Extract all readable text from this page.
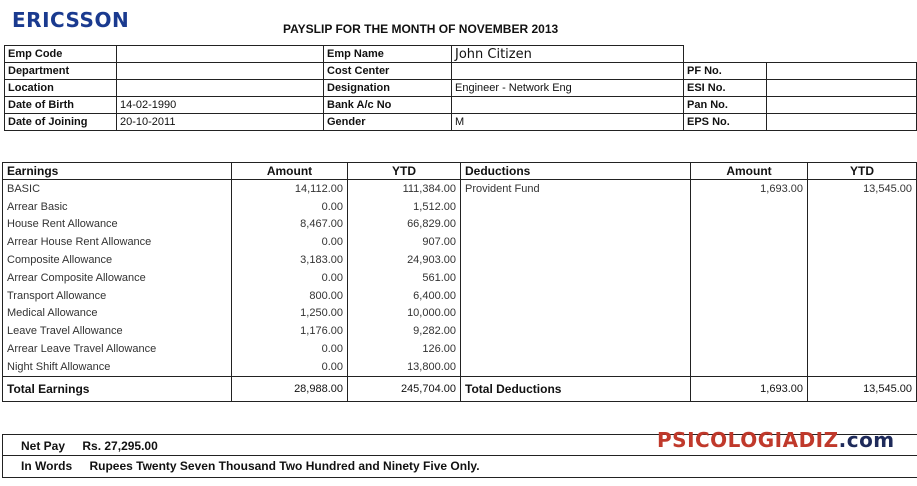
ERICSSON	PAYSLIP FOR THE MONTH OF NOVEMBER 2013
Emp Code		Emp Name	John Citizen		
Department		Cost Center		PF No.	
Location		Designation	Engineer - Network Eng	ESI No.	
Date of Birth	14-02-1990	Bank A/c No		Pan No.	
Date of Joining	20-10-2011	Gender	M	EPS No.	
Earnings	Amount	YTD	Deductions	Amount	YTD
BASIC	14,112.00	111,384.00	Provident Fund	1,693.00	13,545.00
Arrear Basic	0.00	1,512.00			
House Rent Allowance	8,467.00	66,829.00			
Arrear House Rent Allowance	0.00	907.00			
Composite Allowance	3,183.00	24,903.00			
Arrear Composite Allowance	0.00	561.00			
Transport Allowance	800.00	6,400.00			
Medical Allowance	1,250.00	10,000.00			
Leave Travel Allowance	1,176.00	9,282.00			
Arrear Leave Travel Allowance	0.00	126.00			
Night Shift Allowance	0.00	13,800.00			
Total Earnings	28,988.00	245,704.00	Total Deductions	1,693.00	13,545.00
Net Pay Rs. 27,295.00
In Words Rupees Twenty Seven Thousand Two Hundred and Ninety Five Only.
PSICOLOGIADIZ.com
